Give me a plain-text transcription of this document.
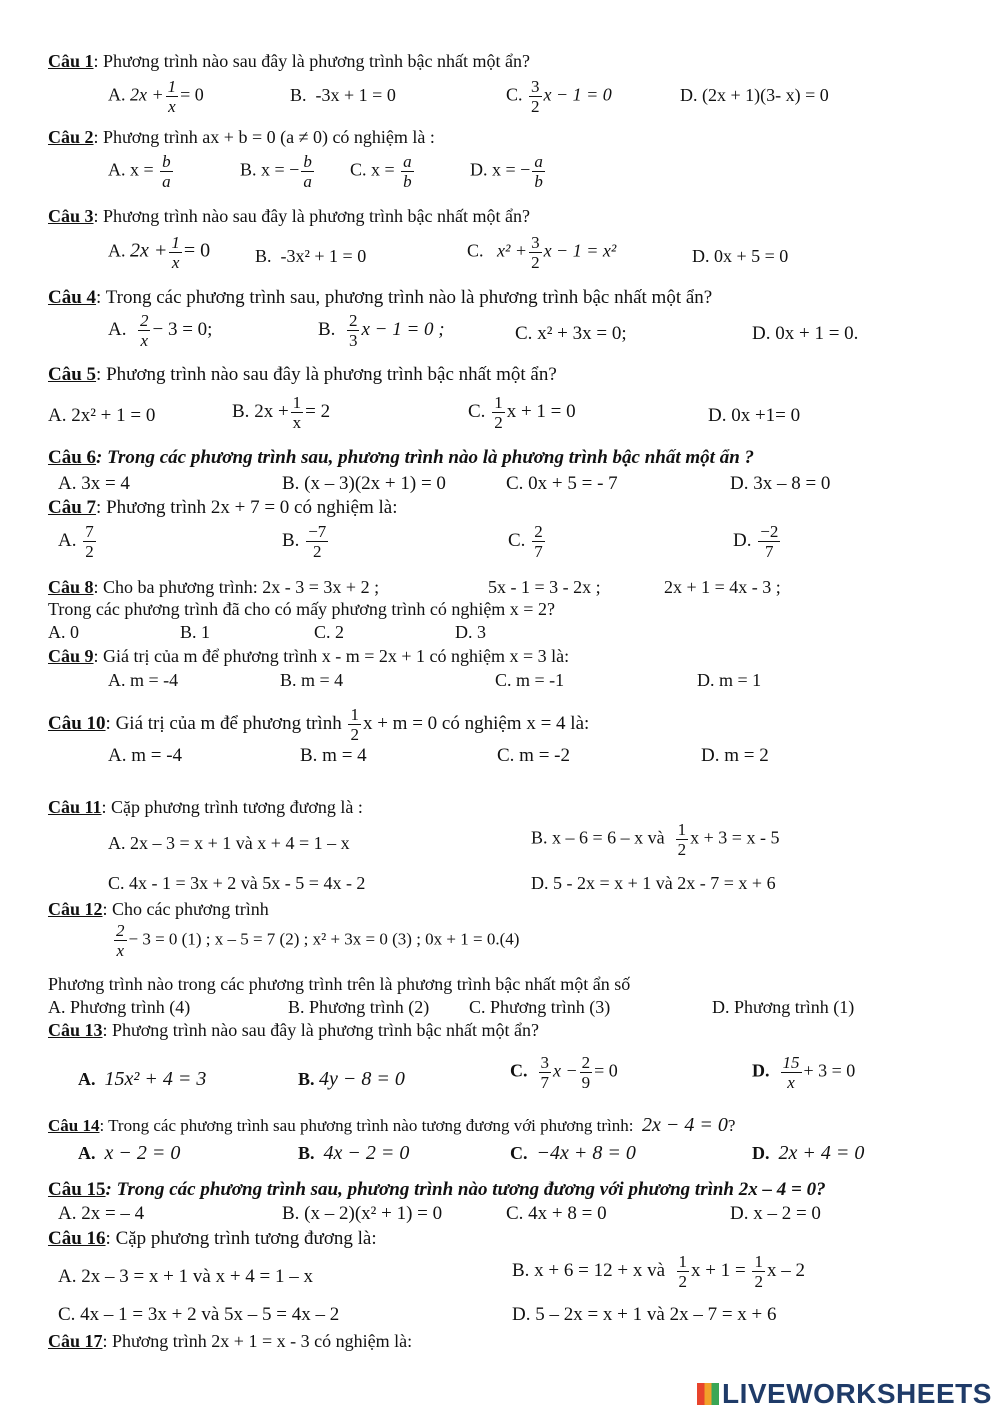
Câu 1: Phương trình nào sau đây là phương trình bậc nhất một ẩn?
A. $2x + \frac{1}{x} = 0$	B. -3x + 1 = 0	C. $\frac{3}{2}$ x − 1 = 0	D. (2x + 1)(3- x) = 0
Câu 2: Phương trình ax + b = 0 (a ≠ 0) có nghiệm là :
A. $x = \frac{b}{a}$	B. x = − $\frac{b}{a} C$. $x = \frac{a}{b}$	D. x = − $\frac{a}{b}$
Câu 3: Phương trình nào sau đây là phương trình bậc nhất một ẩn?
A. $2x + \frac{1}{x} = 0$ B. -3x² + 1 = 0	C. $x^2 + \frac{3}{2}$ x − 1 = x²	D. 0x + 5 = 0
Câu 4: Trong các phương trình sau, phương trình nào là phương trình bậc nhất một ẩn?
A. $\frac{2}{x} - 3 = 0$;	B. $\frac{2}{3}$ x − 1 = 0 ;	C. x² + 3x = 0;	D. 0x + 1 = 0.
Câu 5: Phương trình nào sau đây là phương trình bậc nhất một ẩn?
A. 2x² + 1 = 0	B. $2x + \frac{1}{x} = 2$	C. $\frac{1}{2}$ x + 1 = 0	D. 0x +1= 0
Câu 6: Trong các phương trình sau, phương trình nào là phương trình bậc nhất một ẩn ?
A. 3x = 4	B. (x – 3)(2x + 1) = 0	C. 0x + 5 = - 7	D. 3x – 8 = 0
Câu 7: Phương trình 2x + 7 = 0 có nghiệm là:
A. $\frac{7}{2}$	B. $\frac{-7}{2}$	C. $\frac{2}{7}$	D. $\frac{-2}{7}$
Câu 8: Cho ba phương trình: 2x - 3 = 3x + 2 ;	5x - 1 = 3 - 2x ;	2x + 1 = 4x - 3 ;
Trong các phương trình đã cho có mấy phương trình có nghiệm x = 2?
A. 0	B. 1	C. 2	D. 3
Câu 9: Giá trị của m để phương trình x - m = 2x + 1 có nghiệm x = 3 là:
A. m = -4	B. m = 4	C. m = -1	D. m = 1
Câu 10: Giá trị của m để phương trình $\frac{1}{2}$ x + m = 0 có nghiệm x = 4 là:
A. m = -4	B. m = 4	C. m = -2	D. m = 2
Câu 11: Cặp phương trình tương đương là :
A. 2x – 3 = x + 1 và x + 4 = 1 – x	B. x – 6 = 6 – x và $\frac{1}{2}$ x + 3 = x - 5
C. 4x - 1 = 3x + 2 và 5x - 5 = 4x - 2	D. 5 - 2x = x + 1 và 2x - 7 = x + 6
Câu 12: Cho các phương trình
$\frac{2}{x} - 3 = 0$ (1) ; x – 5 = 7 (2) ; x² + 3x = 0 (3) ; 0x + 1 = 0.(4)
Phương trình nào trong các phương trình trên là phương trình bậc nhất một ẩn số
A. Phương trình (4)	B. Phương trình (2) C. Phương trình (3)	D. Phương trình (1)
Câu 13: Phương trình nào sau đây là phương trình bậc nhất một ẩn?
A. 15x² + 4 = 3	B. 4y − 8 = 0	C. $\frac{3}{7}$ $x - \frac{2}{9} = 0$	D. $\frac{15}{x} + 3 = 0$
Câu 14: Trong các phương trình sau phương trình nào tương đương với phương trình: 2x − 4 = 0?
A. x − 2 = 0	B. 4x − 2 = 0	C. −4x + 8 = 0	D. 2x + 4 = 0
Câu 15: Trong các phương trình sau, phương trình nào tương đương với phương trình 2x – 4 = 0?
A. 2x = – 4	B. (x – 2)(x² + 1) = 0	C. 4x + 8 = 0	D. x – 2 = 0
Câu 16: Cặp phương trình tương đương là:
A. 2x – 3 = x + 1 và x + 4 = 1 – x	B. x + 6 = 12 + x và $\frac{1}{2}$ $x + 1 = \frac{1}{2}$ x – 2
C. 4x – 1 = 3x + 2 và 5x – 5 = 4x – 2	D. 5 – 2x = x + 1 và 2x – 7 = x + 6
Câu 17: Phương trình 2x + 1 = x - 3 có nghiệm là:
LIVEWORKSHEETS
